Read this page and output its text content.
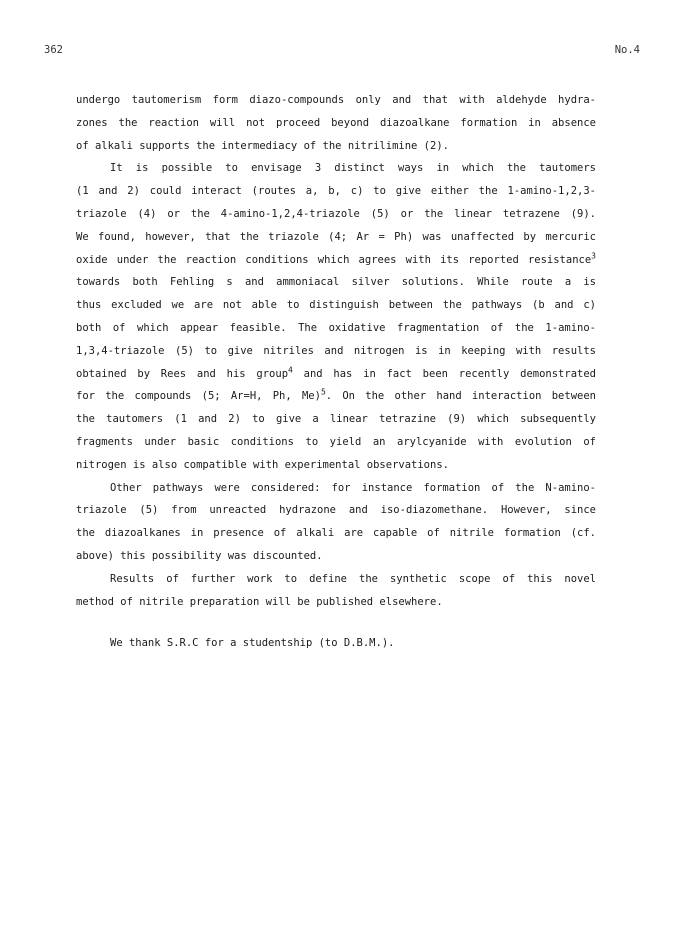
362	No.4
undergo tautomerism form diazo-compounds only and that with aldehyde hydra-
zones the reaction will not proceed beyond diazoalkane formation in absence
of alkali supports the intermediacy of the nitrilimine (2).
It is possible to envisage 3 distinct ways in which the tautomers
(1 and 2) could interact (routes a, b, c) to give either the 1-amino-1,2,3-
triazole (4) or the 4-amino-1,2,4-triazole (5) or the linear tetrazene (9).
We found, however, that the triazole (4; Ar = Ph) was unaffected by mercuric
oxide under the reaction conditions which agrees with its reported resistance$^3$
towards both Fehling s and ammoniacal silver solutions. While route a is
thus excluded we are not able to distinguish between the pathways (b and c)
both of which appear feasible. The oxidative fragmentation of the 1-amino-
1,3,4-triazole (5) to give nitriles and nitrogen is in keeping with results
obtained by Rees and his group$^4$ and has in fact been recently demonstrated
for the compounds (5; Ar=H, Ph, Me)$^5$. On the other hand interaction between
the tautomers (1 and 2) to give a linear tetrazine (9) which subsequently
fragments under basic conditions to yield an arylcyanide with evolution of
nitrogen is also compatible with experimental observations.
Other pathways were considered: for instance formation of the N-amino-
triazole (5) from unreacted hydrazone and iso-diazomethane. However, since
the diazoalkanes in presence of alkali are capable of nitrile formation (cf.
above) this possibility was discounted.
Results of further work to define the synthetic scope of this novel
method of nitrile preparation will be published elsewhere.
We thank S.R.C for a studentship (to D.B.M.).
